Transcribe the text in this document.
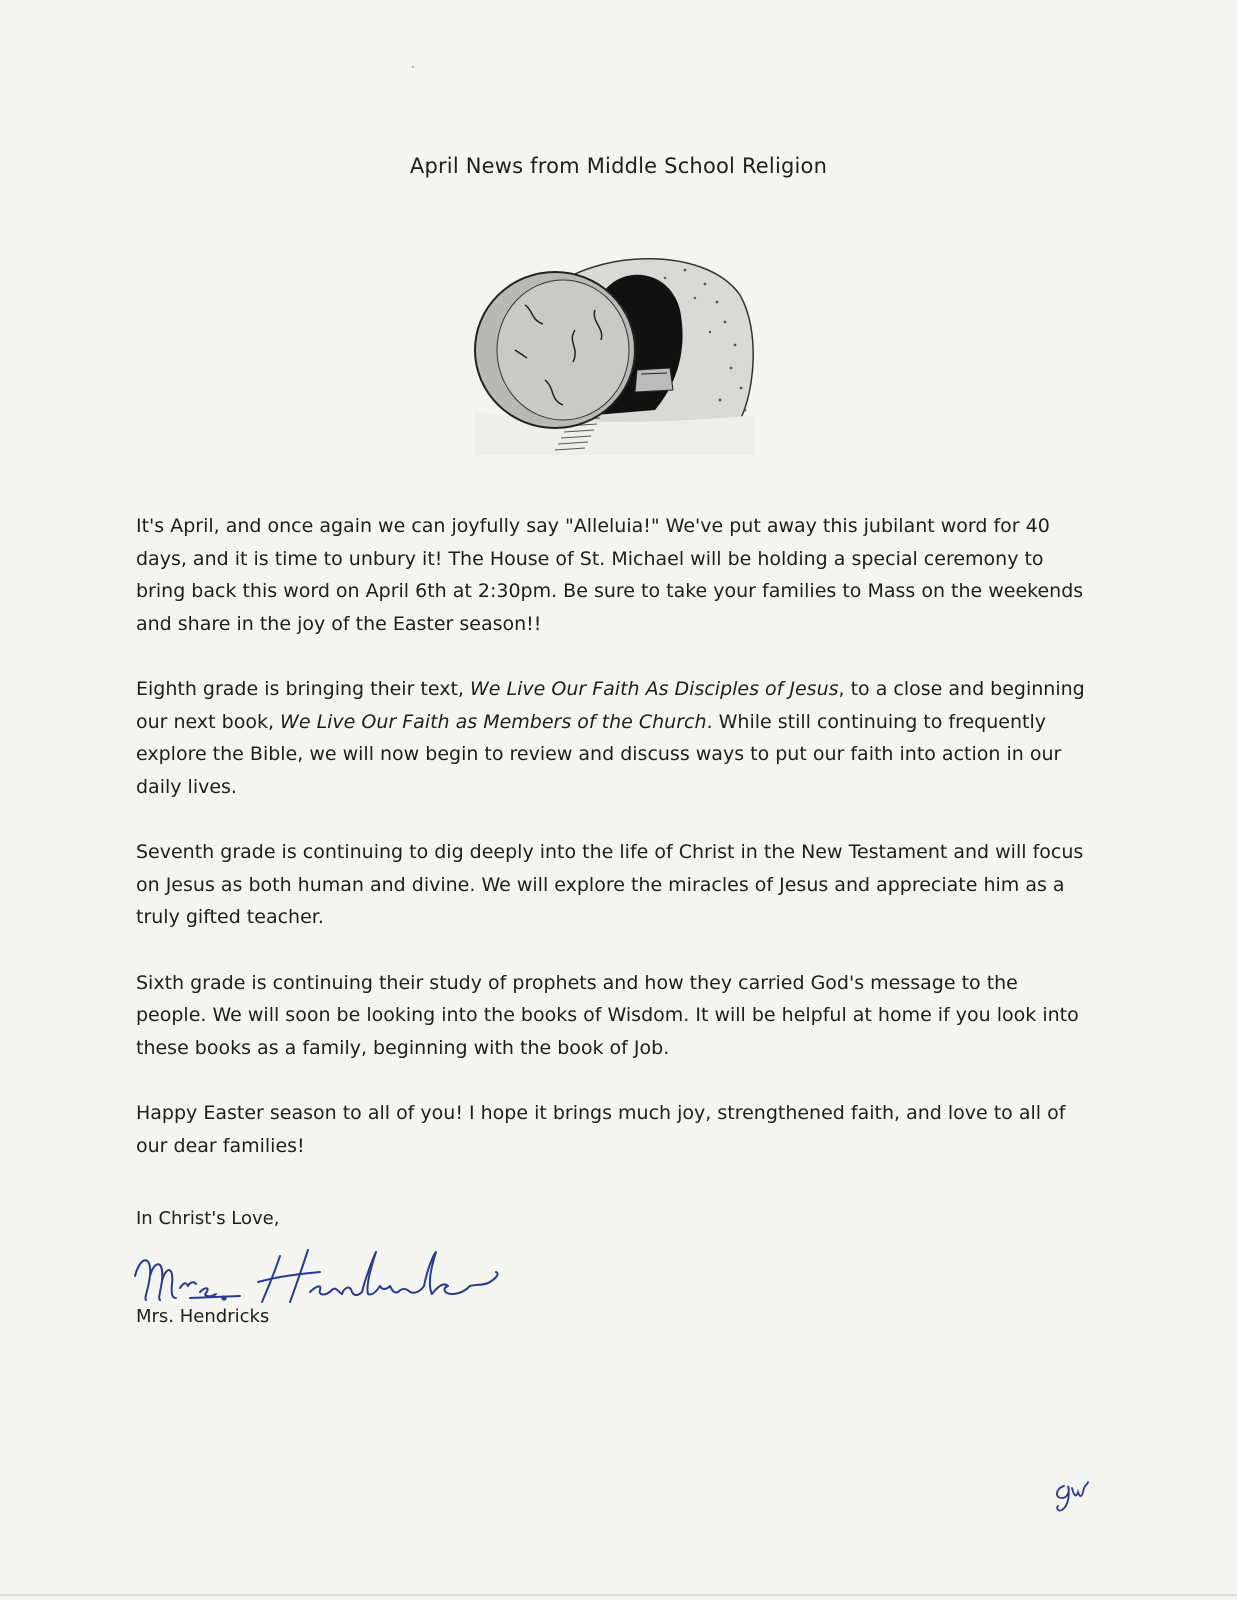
April News from Middle School Religion

It's April, and once again we can joyfully say "Alleluia!" We've put away this jubilant word for 40 days, and it is time to unbury it! The House of St. Michael will be holding a special ceremony to bring back this word on April 6th at 2:30pm. Be sure to take your families to Mass on the weekends and share in the joy of the Easter season!!

Eighth grade is bringing their text, We Live Our Faith As Disciples of Jesus, to a close and beginning our next book, We Live Our Faith as Members of the Church. While still continuing to frequently explore the Bible, we will now begin to review and discuss ways to put our faith into action in our daily lives.

Seventh grade is continuing to dig deeply into the life of Christ in the New Testament and will focus on Jesus as both human and divine. We will explore the miracles of Jesus and appreciate him as a truly gifted teacher.

Sixth grade is continuing their study of prophets and how they carried God's message to the people. We will soon be looking into the books of Wisdom. It will be helpful at home if you look into these books as a family, beginning with the book of Job.

Happy Easter season to all of you! I hope it brings much joy, strengthened faith, and love to all of our dear families!

In Christ's Love,
Mrs. Hendricks
